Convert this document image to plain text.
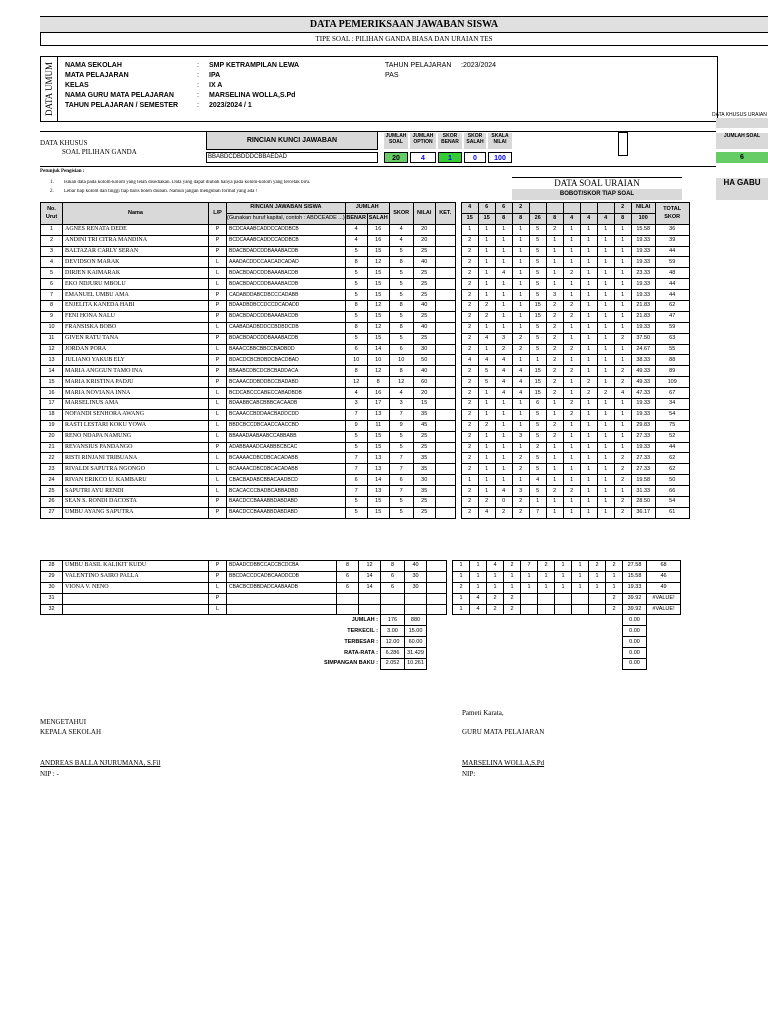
DATA PEMERIKSAAN JAWABAN SISWA
TIPE SOAL : PILIHAN GANDA BIASA DAN URAIAN TES
DATA UMUM NAMA SEKOLAH	: SMP KETRAMPILAN LEWA
MATA PELAJARAN	: IPA
KELAS	: IX A
NAMA GURU MATA PELAJARAN	: MARSELINA WOLLA,S.Pd
TAHUN PELAJARAN / SEMESTER	: 2023/2024 / 1
TAHUN PELAJARAN :2023/2024
PAS
DATA KHUSUS URAIAN
DATA KHUSUS
SOAL PILIHAN GANDA
RINCIAN KUNCI JAWABAN
BBABDCDBDDDCBBAEDAD
JUMLAH SOAL
JUMLAH OPTION
SKOR BENAR
SKOR SALAH
SKALA NILAI
20	4	1	0	100
JUMLAH SOAL
6
Petunjuk Pengisian :
1. Isikan data pada kolom-kolom yang telah disediakan. Data yang dapat diubah hanya pada kolom-kolom yang tercetak biru.
2. Lebar tiap kolom dan tinggi tiap baris boleh diubah. Namun jangan mengubah format yang ada !
DATA SOAL URAIAN
BOBOT/SKOR TIAP SOAL
HA GABU
No. Urut	Nama	L/P	RINCIAN JAWABAN SISWA	JUMLAH		SKOR	NILAI	KET.		4	6	6	2						2	NILAI	TOTAL SKOR
			(Gunakan huruf kapital, contoh : ABDCEADE ...)	BENAR	SALAH					15	15	8	8	26	8	4	4	4	8	100	
1	AGNES RENATA DEDE	P	BCDCAAABCADDCCADDBCB	4	16	4	20			1	1	1	1	5	2	1	1	1	1	15.58	36
2	ANDINI TRI CITRA MANDINA	P	BCDCAAABCADDCCADDBCB	4	16	4	20			2	1	1	1	5	1	1	1	1	1	19.33	39
3	BALTAZAR CARLY SERAN	P	BDACBDADCDDBAAABACDB	5	15	5	25			2	1	1	1	5	1	1	1	1	1	19.33	44
4	DEVIDSON MARAK	L	AAADACDDCCAACADCADAD	8	12	8	40			2	1	1	1	5	1	1	1	1	1	19.33	59
5	DIRJEN KAIMARAK	L	BDACBDADCDDBAAABACDB	5	15	5	25			2	1	4	1	5	1	2	1	1	1	23.33	48
6	EKO NDJURU MBOLU	L	BDACBDADCDDBAAABACDB	5	15	5	25			2	1	1	1	5	1	1	1	1	1	19.33	44
7	EMANUEL UMBU AMA	P	CADABDDABCDBCCCADABB	5	15	5	25			2	1	1	1	5	3	1	1	1	1	19.33	44
8	ENJELITA KANEDA HABI	P	BDAADBDBCCDCCDCADADD	8	12	8	40			2	2	1	1	15	2	2	1	1	1	21.83	62
9	FENI HONA NALU	P	BDACBDADCDDBAAABACDB	5	15	5	25			2	2	1	1	15	2	2	1	1	1	21.83	47
10	FRANSISKA BOBO	L	CAABADADBDDCCBDBDCDB	8	12	8	40			2	1	1	1	5	2	1	1	1	1	19.33	59
11	GIVEN RATU TANA	P	BDACBDADCDDBAAABACDB	5	15	5	25			2	4	3	2	5	2	1	1	1	2	37.50	63
12	JORDAN PORA	L	BAAACCBBCBBCCBADBDD	6	14	6	30			2	1	2	2	5	2	2	1	1	1	24.67	55
13	JULIANO YAKUB ELY	P	BDACDCBCBDBDCBACDBAD	10	10	10	50			4	4	4	1	1	2	1	1	1	1	38.33	88
14	MARIA ANGGUN TAMO INA	P	BBAABCDBCDCBCBADDACA	8	12	8	40			2	5	4	4	15	2	2	1	1	2	49.33	89
15	MARIA KRISTINA PADJU	P	BCAAACDDBDDBCCBADABD	12	8	12	60			2	5	4	4	15	2	1	2	1	2	49.33	109
16	MARIA NOVIANA INNA	L	BCDCABCCCABECCABADBDB	4	16	4	20			2	1	4	4	15	2	1	2	2	4	47.33	67
17	MARSELINUS AMA	L	BDAABBCABCBBBCACAADB	3	17	3	15			2	1	1	1	6	1	2	1	1	1	19.33	34
18	NOFANDI SENHORA AWANG	L	BCAAACCBDDAACBADDCDD	7	13	7	35			2	1	1	1	5	1	2	1	1	1	19.33	54
19	RASTI LESTARI KOKU YOWA	L	BBDCBCCDBCAACCAACCBD	9	11	9	45			2	2	1	1	5	2	1	1	1	1	29.83	75
20	RENO NDAPA NAMUNG	L	BBAAADAABAABCCABBABB	5	15	5	25			2	1	1	3	5	2	1	1	1	1	27.33	52
21	REVANSIUS PANDANGO	P	ADABBAAADCAABBBCBCAC	5	15	5	25			2	1	1	1	2	1	1	1	1	1	19.33	44
22	RISTI RINJANI TRIBUANA	L	BCAAAACDBCDBCACADABB	7	13	7	35			2	1	1	2	5	1	1	1	1	2	27.33	62
23	RIVALDI SAPUTRA NGONGO	L	BCAAAACDBCDBCACADABB	7	13	7	35			2	1	1	2	5	1	1	1	1	2	27.33	62
24	RIVAN ERIKCO U. KAMBARU	L	CBACBADABCBBACAADBCD	6	14	6	30			1	1	1	1	4	1	1	1	1	2	19.58	50
25	SAPUTRI AYU RENDI	L	BCACACCCBADBCABBADBD	7	13	7	35			2	1	4	3	5	2	2	1	1	1	31.33	66
26	SEAN S. RONDI DACOSTA	P	BAACDCCBAAABBDABDABD	5	15	5	25			2	2	0	2	1	1	1	1	1	2	28.50	54
27	UMBU AYANG SAPUTRA	P	BAACDCCBAAABBDABDABD	5	15	5	25			2	4	2	2	7	1	1	1	1	2	36.17	61
28	UMBU BASIL KALIKIT KUDU	P	BDAADCDBBCCACCBCDCBA	8	12	8	40			1	1	4	2	7	2	1	1	2	2	27.58	68
29	VALENTINO SAIRO PALLA	P	BBCDACCDCADBCAADDCDB	6	14	6	30			1	1	1	1	1	1	1	1	1	1	15.58	46
30	VIONA V. NENO	L	CBACBCDBBDADCAABAADB	6	14	6	30			2	1	1	1	1	1	1	1	1	1	19.33	49
31		P								1	4	2	2						2	39.92	#VALUE!
32		L								1	4	2	2						2	39.92	#VALUE!
JUMLAH :						176	880													0.00	
TERKECIL :						3.00	15.00													0.00	
TERBESAR :						12.00	60.00													0.00	
RATA-RATA :						6.286	31.429													0.00	
SIMPANGAN BAKU :						2.052	10.261													0.00	
Pameti Karata,
MENGETAHUI
KEPALA SEKOLAH	GURU MATA PELAJARAN
ANDREAS BALLA NJURUMANA, S.Fil
NIP : -
MARSELINA WOLLA,S.Pd
NIP:
